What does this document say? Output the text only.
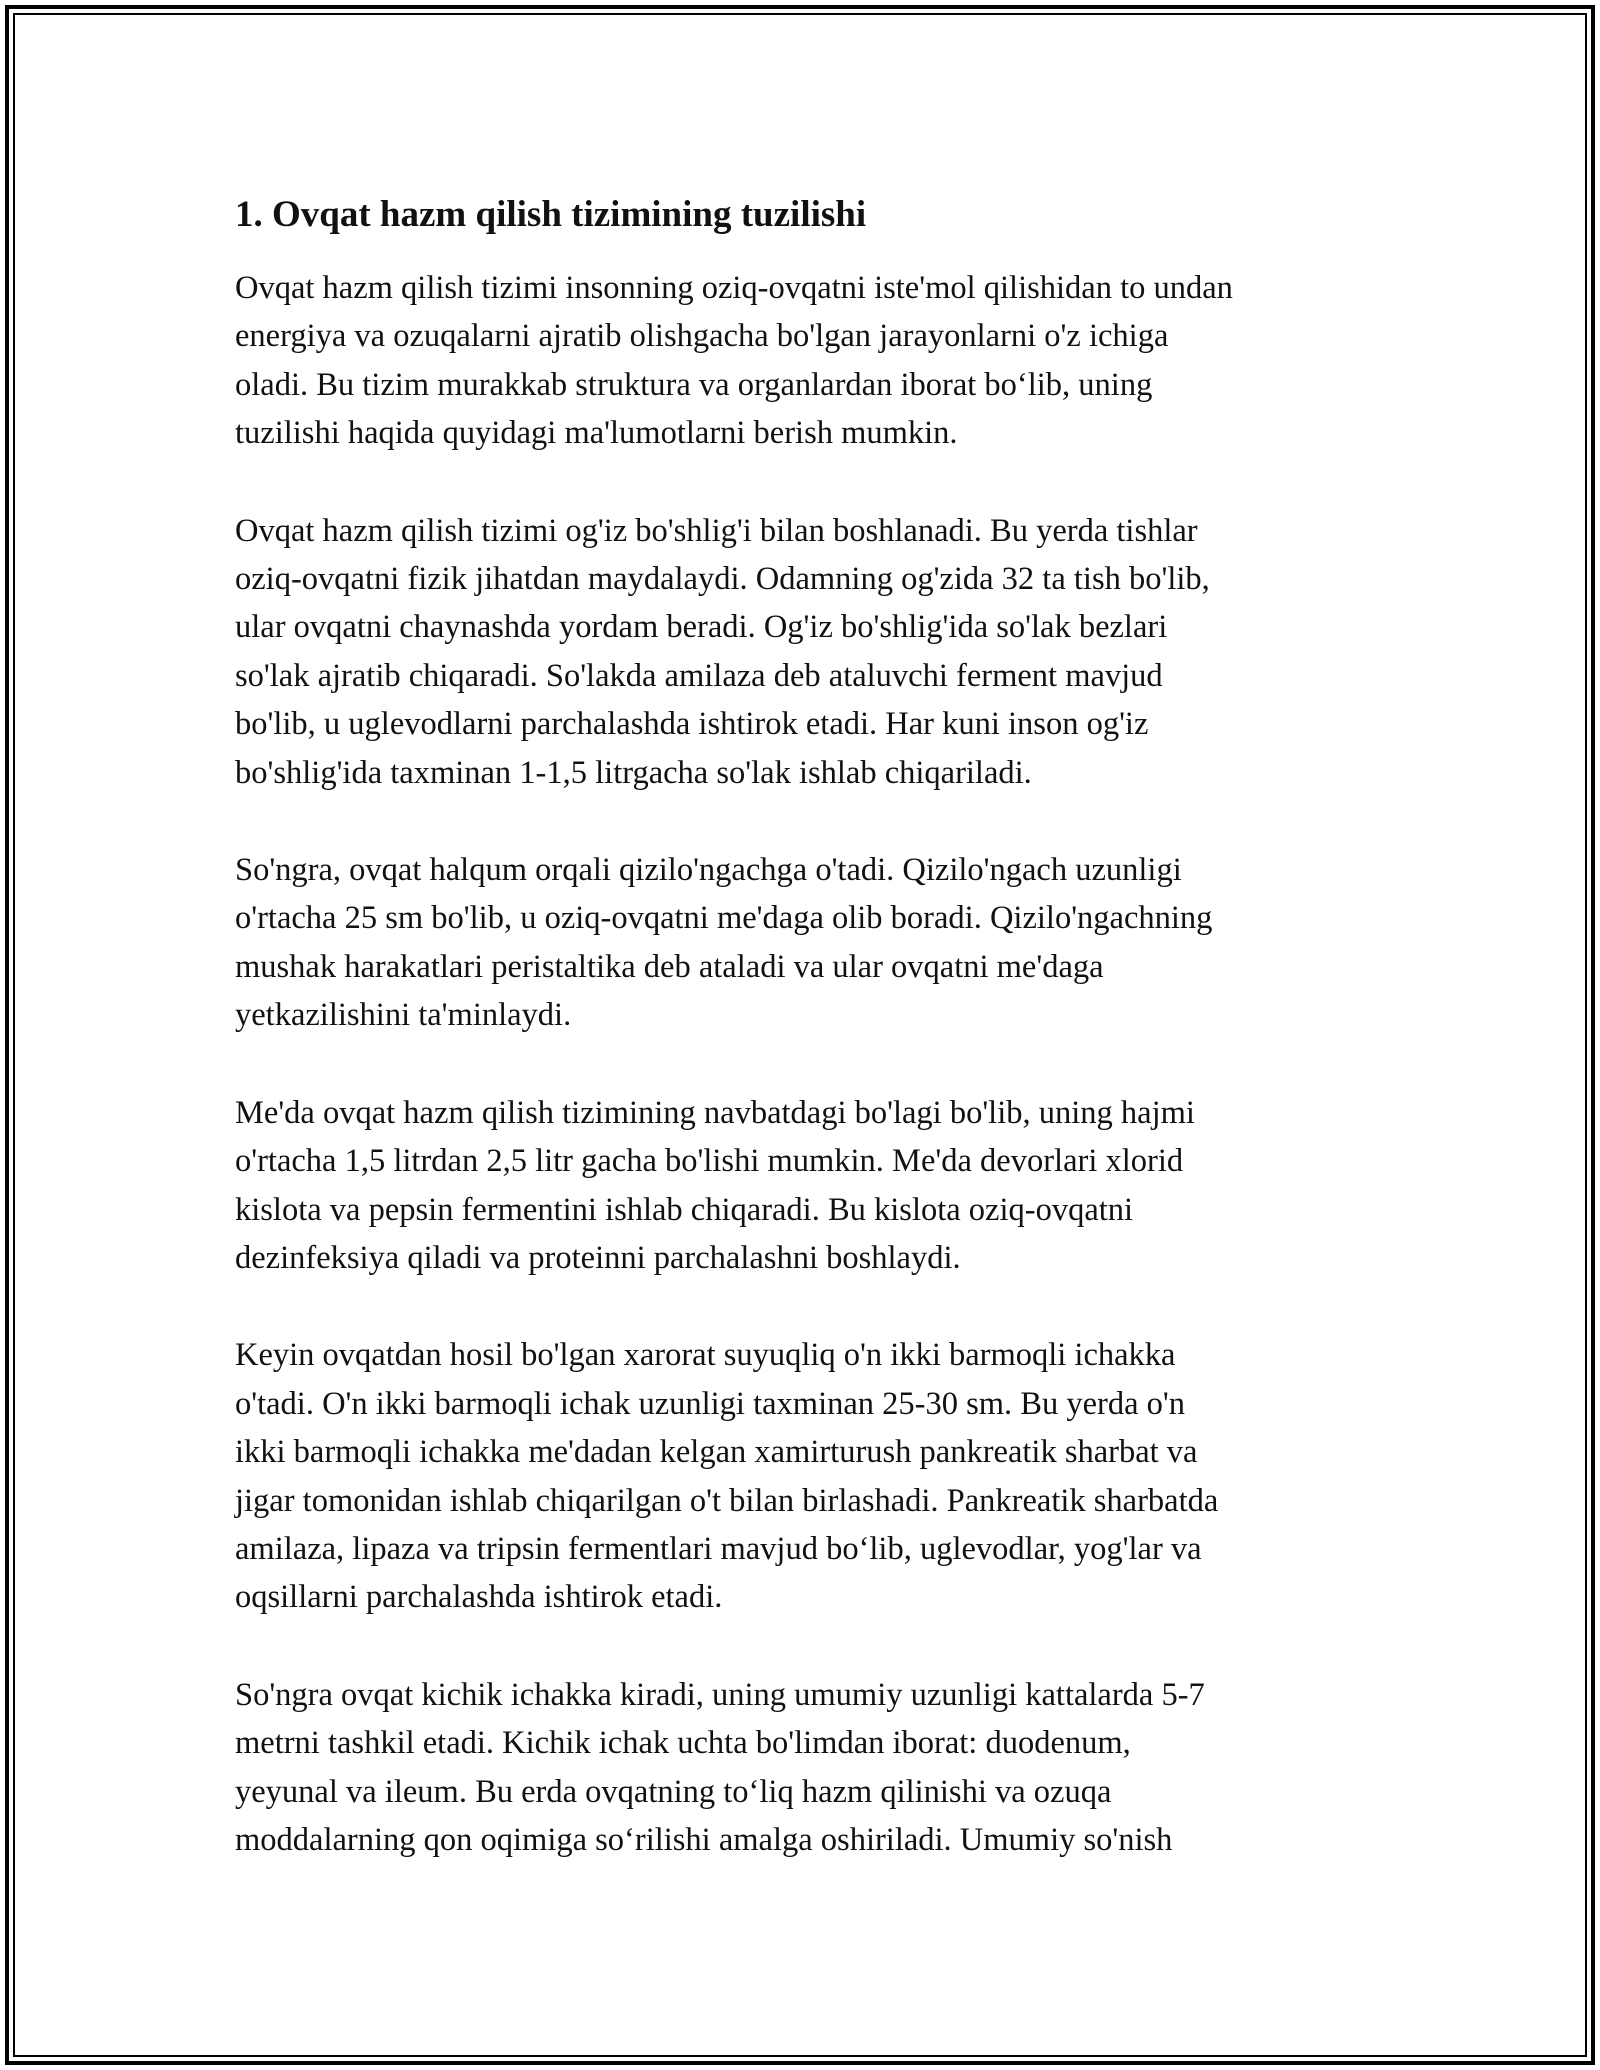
1. Ovqat hazm qilish tizimining tuzilishi

Ovqat hazm qilish tizimi insonning oziq-ovqatni iste'mol qilishidan to undan
energiya va ozuqalarni ajratib olishgacha bo'lgan jarayonlarni o'z ichiga
oladi. Bu tizim murakkab struktura va organlardan iborat bo‘lib, uning
tuzilishi haqida quyidagi ma'lumotlarni berish mumkin.

Ovqat hazm qilish tizimi og'iz bo'shlig'i bilan boshlanadi. Bu yerda tishlar
oziq-ovqatni fizik jihatdan maydalaydi. Odamning og'zida 32 ta tish bo'lib,
ular ovqatni chaynashda yordam beradi. Og'iz bo'shlig'ida so'lak bezlari
so'lak ajratib chiqaradi. So'lakda amilaza deb ataluvchi ferment mavjud
bo'lib, u uglevodlarni parchalashda ishtirok etadi. Har kuni inson og'iz
bo'shlig'ida taxminan 1-1,5 litrgacha so'lak ishlab chiqariladi.

So'ngra, ovqat halqum orqali qizilo'ngachga o'tadi. Qizilo'ngach uzunligi
o'rtacha 25 sm bo'lib, u oziq-ovqatni me'daga olib boradi. Qizilo'ngachning
mushak harakatlari peristaltika deb ataladi va ular ovqatni me'daga
yetkazilishini ta'minlaydi.

Me'da ovqat hazm qilish tizimining navbatdagi bo'lagi bo'lib, uning hajmi
o'rtacha 1,5 litrdan 2,5 litr gacha bo'lishi mumkin. Me'da devorlari xlorid
kislota va pepsin fermentini ishlab chiqaradi. Bu kislota oziq-ovqatni
dezinfeksiya qiladi va proteinni parchalashni boshlaydi.

Keyin ovqatdan hosil bo'lgan xarorat suyuqliq o'n ikki barmoqli ichakka
o'tadi. O'n ikki barmoqli ichak uzunligi taxminan 25-30 sm. Bu yerda o'n
ikki barmoqli ichakka me'dadan kelgan xamirturush pankreatik sharbat va
jigar tomonidan ishlab chiqarilgan o't bilan birlashadi. Pankreatik sharbatda
amilaza, lipaza va tripsin fermentlari mavjud bo‘lib, uglevodlar, yog'lar va
oqsillarni parchalashda ishtirok etadi.

So'ngra ovqat kichik ichakka kiradi, uning umumiy uzunligi kattalarda 5-7
metrni tashkil etadi. Kichik ichak uchta bo'limdan iborat: duodenum,
yeyunal va ileum. Bu erda ovqatning to‘liq hazm qilinishi va ozuqa
moddalarning qon oqimiga so‘rilishi amalga oshiriladi. Umumiy so'nish
